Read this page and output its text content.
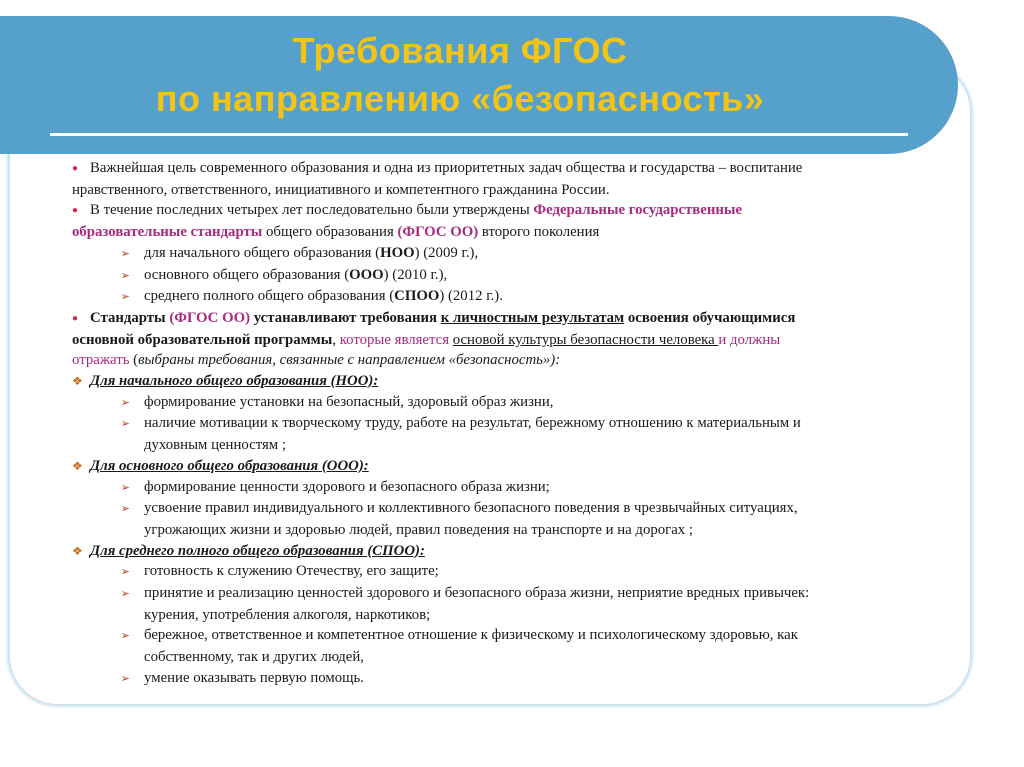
Требования ФГОС
по направлению «безопасность»

● Важнейшая цель современного образования и одна из приоритетных задач общества и государства – воспитание
нравственного, ответственного, инициативного и компетентного гражданина России.

● В течение последних четырех лет последовательно были утверждены Федеральные государственные
образовательные стандарты общего образования (ФГОС ОО) второго поколения

➢ для начального общего образования (НОО) (2009 г.),
➢ основного общего образования (ООО) (2010 г.),
➢ среднего полного общего образования (СПОО) (2012 г.).

● Стандарты (ФГОС ОО) устанавливают требования к личностным результатам освоения обучающимися
основной образовательной программы, которые является основой культуры безопасности человека и должны
отражать (выбраны требования, связанные с направлением «безопасность»):

❖ Для начального общего образования (НОО):
➢ формирование установки на безопасный, здоровый образ жизни,
➢ наличие мотивации к творческому труду, работе на результат, бережному отношению к материальным и
духовным ценностям ;
❖ Для основного общего образования (ООО):
➢ формирование ценности здорового и безопасного образа жизни;
➢ усвоение правил индивидуального и коллективного безопасного поведения в чрезвычайных ситуациях,
угрожающих жизни и здоровью людей, правил поведения на транспорте и на дорогах ;
❖ Для среднего полного общего образования (СПОО):
➢ готовность к служению Отечеству, его защите;
➢ принятие и реализацию ценностей здорового и безопасного образа жизни, неприятие вредных привычек:
курения, употребления алкоголя, наркотиков;
➢ бережное, ответственное и компетентное отношение к физическому и психологическому здоровью, как
собственному, так и других людей,
➢ умение оказывать первую помощь.
